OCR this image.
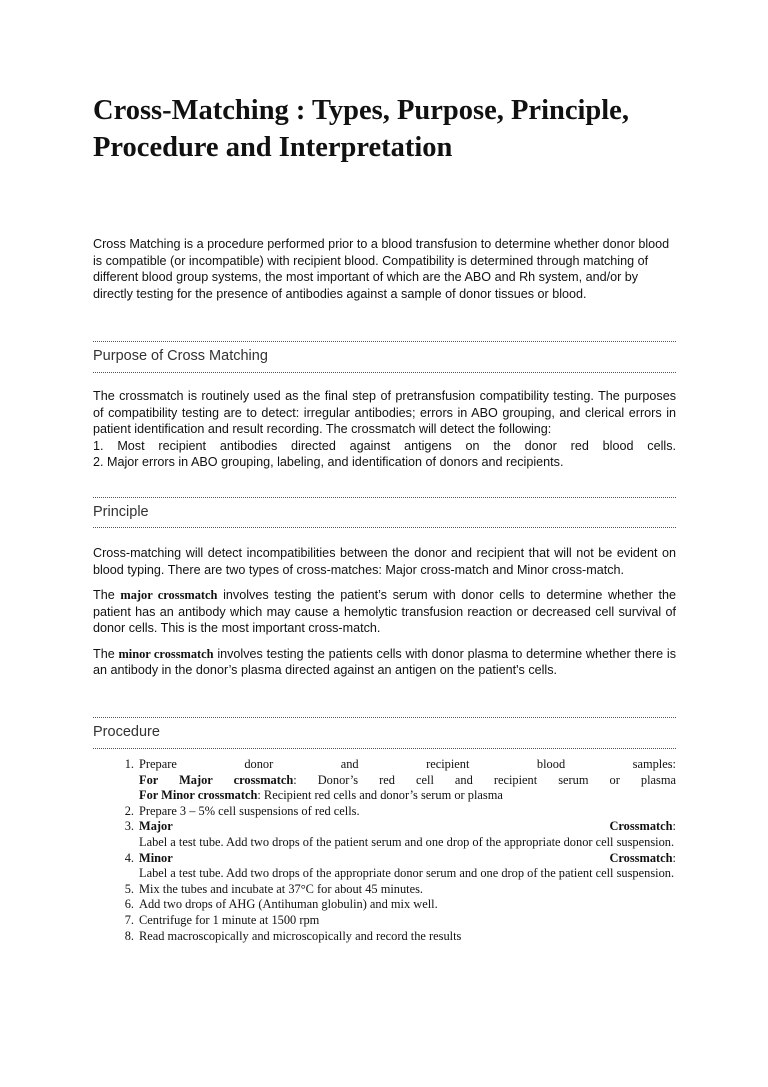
Cross-Matching : Types, Purpose, Principle, Procedure and Interpretation

Cross Matching is a procedure performed prior to a blood transfusion to determine whether donor blood is compatible (or incompatible) with recipient blood. Compatibility is determined through matching of different blood group systems, the most important of which are the ABO and Rh system, and/or by directly testing for the presence of antibodies against a sample of donor tissues or blood.

Purpose of Cross Matching

The crossmatch is routinely used as the final step of pretransfusion compatibility testing. The purposes of compatibility testing are to detect: irregular antibodies; errors in ABO grouping, and clerical errors in patient identification and result recording. The crossmatch will detect the following:

1. Most recipient antibodies directed against antigens on the donor red blood cells.

2. Major errors in ABO grouping, labeling, and identification of donors and recipients.

Principle

Cross-matching will detect incompatibilities between the donor and recipient that will not be evident on blood typing. There are two types of cross-matches: Major cross-match and Minor cross-match.

The major crossmatch involves testing the patient’s serum with donor cells to determine whether the patient has an antibody which may cause a hemolytic transfusion reaction or decreased cell survival of donor cells. This is the most important cross-match.

The minor crossmatch involves testing the patients cells with donor plasma to determine whether there is an antibody in the donor’s plasma directed against an antigen on the patient's cells.

Procedure
1. Prepare donor and recipient blood samples:
For Major crossmatch: Donor’s red cell and recipient serum or plasma
For Minor crossmatch: Recipient red cells and donor’s serum or plasma
2. Prepare 3 – 5% cell suspensions of red cells.
3. Major	Crossmatch:
Label a test tube. Add two drops of the patient serum and one drop of the appropriate donor cell suspension.
4. Minor	Crossmatch:
Label a test tube. Add two drops of the appropriate donor serum and one drop of the patient cell suspension.
5. Mix the tubes and incubate at 37°C for about 45 minutes.
6. Add two drops of AHG (Antihuman globulin) and mix well.
7. Centrifuge for 1 minute at 1500 rpm
8. Read macroscopically and microscopically and record the results
